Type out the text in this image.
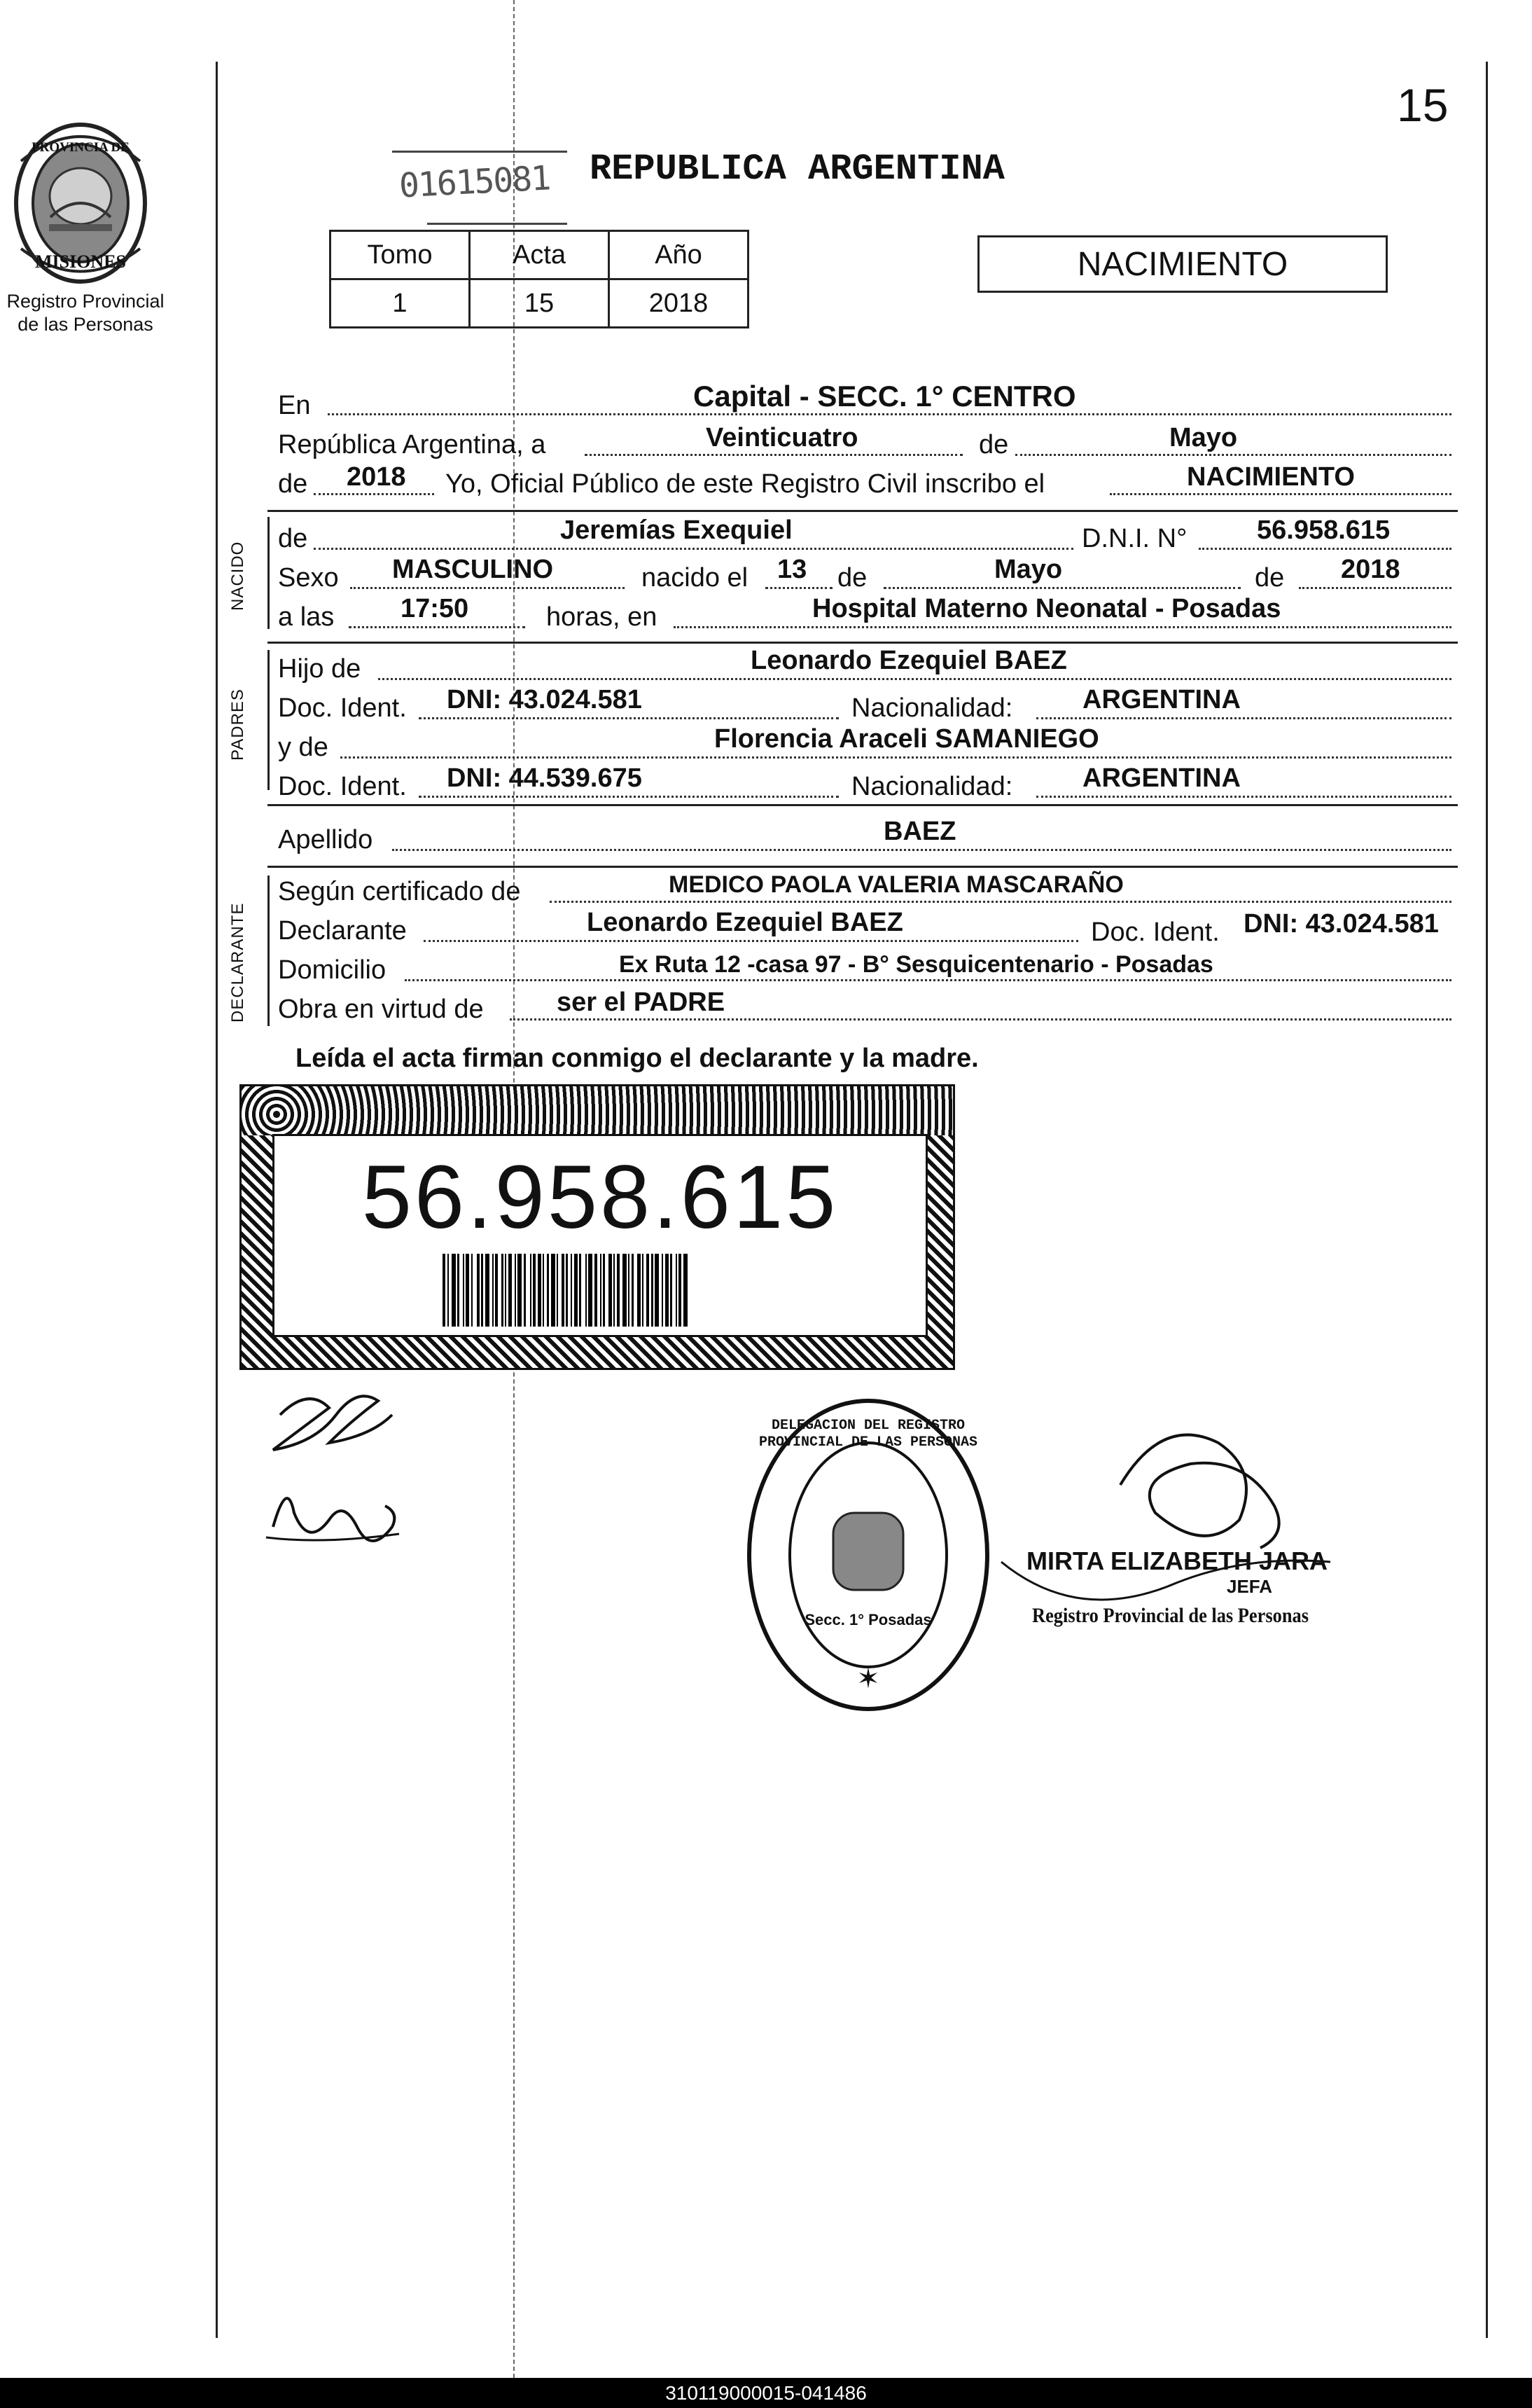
15
PROVINCIA DE
MISIONES
Registro Provincial
de las Personas
01615081 REPUBLICA ARGENTINA
Tomo	Acta	Año
1	15	2018
NACIMIENTO
En	Capital - SECC. 1° CENTRO
República Argentina, a	Veinticuatro	de	Mayo
de 2018 Yo, Oficial Público de este Registro Civil inscribo el	NACIMIENTO
NACIDO
de	Jeremías Exequiel	D.N.I. N°	56.958.615
Sexo MASCULINO	nacido el 13 de	Mayo	de 2018
a las 17:50	horas, en	Hospital Materno Neonatal - Posadas
PADRES
Hijo de	Leonardo Ezequiel BAEZ
Doc. Ident. DNI: 43.024.581	Nacionalidad:	ARGENTINA
y de	Florencia Araceli SAMANIEGO
Doc. Ident. DNI: 44.539.675	Nacionalidad:	ARGENTINA
Apellido	BAEZ
DECLARANTE
Según certificado de	MEDICO PAOLA VALERIA MASCARAÑO
Declarante	Leonardo Ezequiel BAEZ	Doc. Ident. DNI: 43.024.581
Domicilio	Ex Ruta 12 -casa 97 - B° Sesquicentenario - Posadas
Obra en virtud de	ser el PADRE
Leída el acta firman conmigo el declarante y la madre.
56.958.615
✶
DELEGACION DEL REGISTRO PROVINCIAL DE LAS PERSONAS
Secc. 1° Posadas
MIRTA ELIZABETH JARA
JEFA
Registro Provincial de las Personas
310119000015-041486
